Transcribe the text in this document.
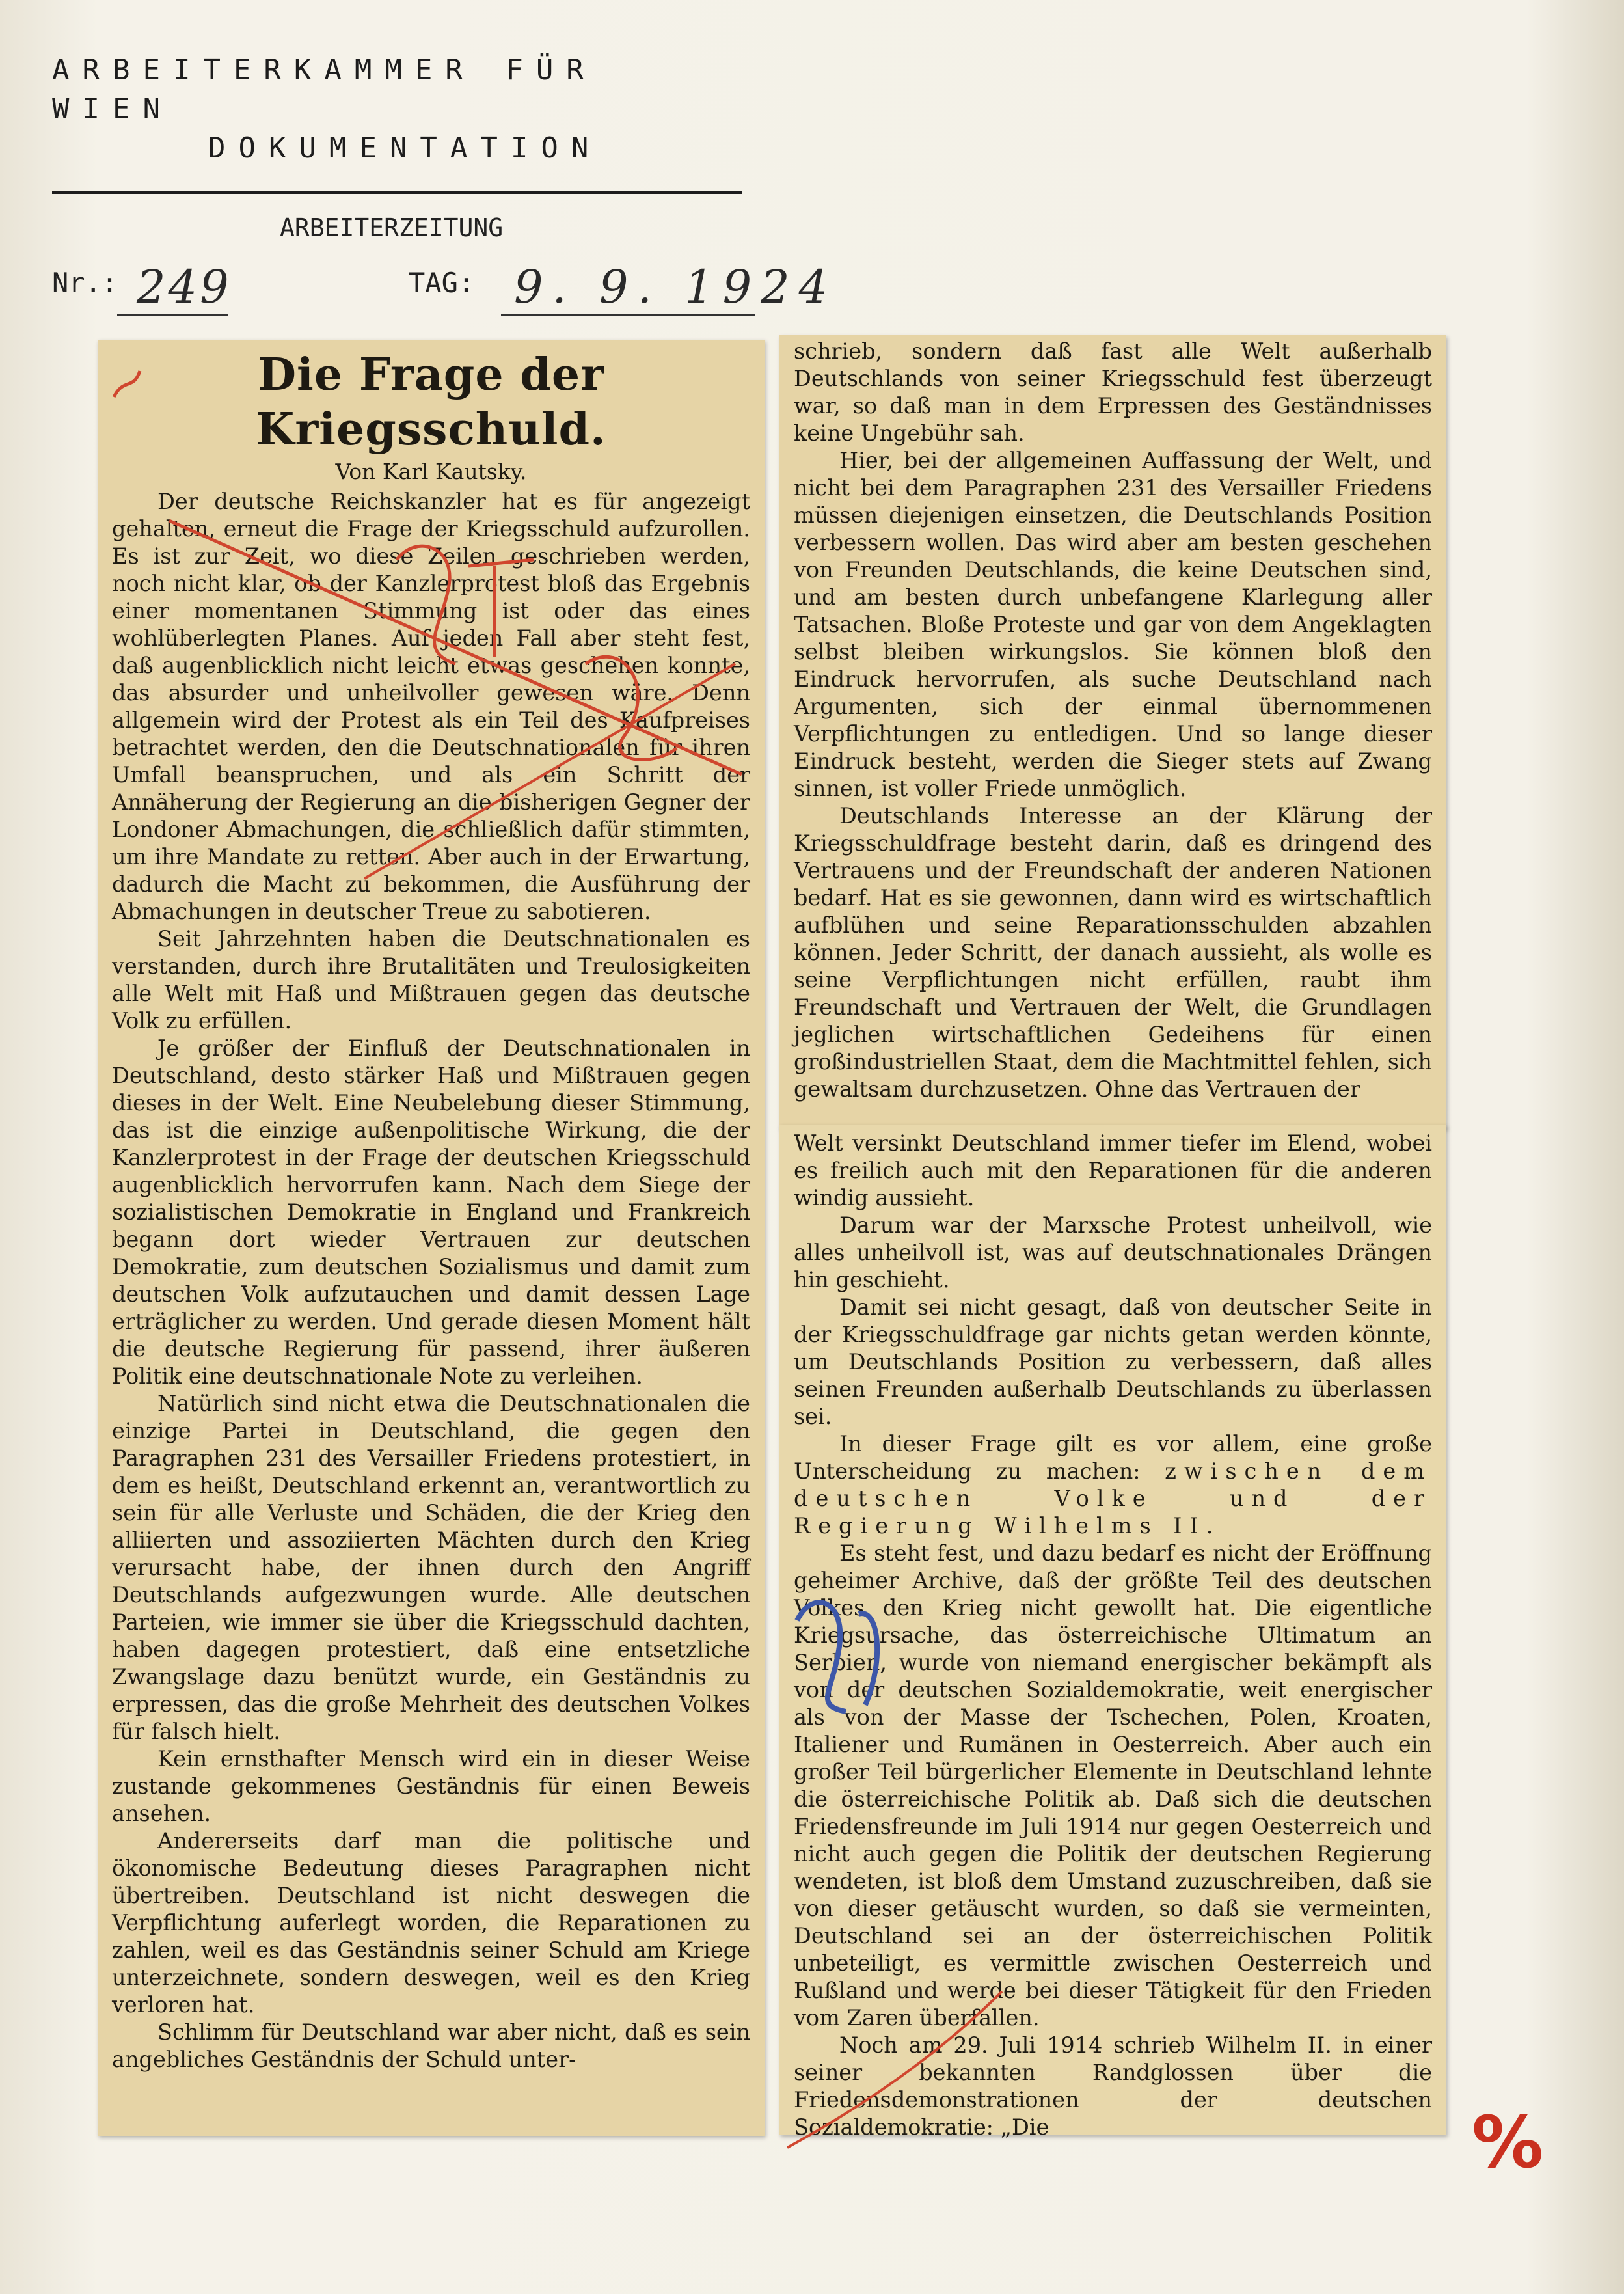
ARBEITERKAMMER FÜR WIEN
DOKUMENTATION
ARBEITERZEITUNG
Nr.: 249	TAG: 9. 9. 1924
Die Frage der Kriegsschuld.
Von Karl Kautsky.

Der deutsche Reichskanzler hat es für angezeigt gehalten, erneut die Frage der Kriegsschuld aufzurollen. Es ist zur Zeit, wo diese Zeilen geschrieben werden, noch nicht klar, ob der Kanzlerprotest bloß das Ergebnis einer momentanen Stimmung ist oder das eines wohlüberlegten Planes. Auf jeden Fall aber steht fest, daß augenblicklich nicht leicht etwas geschehen konnte, das absurder und unheilvoller gewesen wäre. Denn allgemein wird der Protest als ein Teil des Kaufpreises betrachtet werden, den die Deutschnationalen für ihren Umfall beanspruchen, und als ein Schritt der Annäherung der Regierung an die bisherigen Gegner der Londoner Abmachungen, die schließlich dafür stimmten, um ihre Mandate zu retten. Aber auch in der Erwartung, dadurch die Macht zu bekommen, die Ausführung der Abmachungen in deutscher Treue zu sabotieren.

Seit Jahrzehnten haben die Deutschnationalen es verstanden, durch ihre Brutalitäten und Treulosigkeiten alle Welt mit Haß und Mißtrauen gegen das deutsche Volk zu erfüllen.

Je größer der Einfluß der Deutschnationalen in Deutschland, desto stärker Haß und Mißtrauen gegen dieses in der Welt. Eine Neubelebung dieser Stimmung, das ist die einzige außenpolitische Wirkung, die der Kanzlerprotest in der Frage der deutschen Kriegsschuld augenblicklich hervorrufen kann. Nach dem Siege der sozialistischen Demokratie in England und Frankreich begann dort wieder Vertrauen zur deutschen Demokratie, zum deutschen Sozialismus und damit zum deutschen Volk aufzutauchen und damit dessen Lage erträglicher zu werden. Und gerade diesen Moment hält die deutsche Regierung für passend, ihrer äußeren Politik eine deutschnationale Note zu verleihen.

Natürlich sind nicht etwa die Deutschnationalen die einzige Partei in Deutschland, die gegen den Paragraphen 231 des Versailler Friedens protestiert, in dem es heißt, Deutschland erkennt an, verantwortlich zu sein für alle Verluste und Schäden, die der Krieg den alliierten und assoziierten Mächten durch den Krieg verursacht habe, der ihnen durch den Angriff Deutschlands aufgezwungen wurde. Alle deutschen Parteien, wie immer sie über die Kriegsschuld dachten, haben dagegen protestiert, daß eine entsetzliche Zwangslage dazu benützt wurde, ein Geständnis zu erpressen, das die große Mehrheit des deutschen Volkes für falsch hielt.

Kein ernsthafter Mensch wird ein in dieser Weise zustande gekommenes Geständnis für einen Beweis ansehen.

Andererseits darf man die politische und ökonomische Bedeutung dieses Paragraphen nicht übertreiben. Deutschland ist nicht deswegen die Verpflichtung auferlegt worden, die Reparationen zu zahlen, weil es das Geständnis seiner Schuld am Kriege unterzeichnete, sondern deswegen, weil es den Krieg verloren hat.

Schlimm für Deutschland war aber nicht, daß es sein angebliches Geständnis der Schuld unter-

schrieb, sondern daß fast alle Welt außerhalb Deutschlands von seiner Kriegsschuld fest überzeugt war, so daß man in dem Erpressen des Geständnisses keine Ungebühr sah.

Hier, bei der allgemeinen Auffassung der Welt, und nicht bei dem Paragraphen 231 des Versailler Friedens müssen diejenigen einsetzen, die Deutschlands Position verbessern wollen. Das wird aber am besten geschehen von Freunden Deutschlands, die keine Deutschen sind, und am besten durch unbefangene Klarlegung aller Tatsachen. Bloße Proteste und gar von dem Angeklagten selbst bleiben wirkungslos. Sie können bloß den Eindruck hervorrufen, als suche Deutschland nach Argumenten, sich der einmal übernommenen Verpflichtungen zu entledigen. Und so lange dieser Eindruck besteht, werden die Sieger stets auf Zwang sinnen, ist voller Friede unmöglich.

Deutschlands Interesse an der Klärung der Kriegsschuldfrage besteht darin, daß es dringend des Vertrauens und der Freundschaft der anderen Nationen bedarf. Hat es sie gewonnen, dann wird es wirtschaftlich aufblühen und seine Reparationsschulden abzahlen können. Jeder Schritt, der danach aussieht, als wolle es seine Verpflichtungen nicht erfüllen, raubt ihm Freundschaft und Vertrauen der Welt, die Grundlagen jeglichen wirtschaftlichen Gedeihens für einen großindustriellen Staat, dem die Machtmittel fehlen, sich gewaltsam durchzusetzen. Ohne das Vertrauen der

Welt versinkt Deutschland immer tiefer im Elend, wobei es freilich auch mit den Reparationen für die anderen windig aussieht.

Darum war der Marxsche Protest unheilvoll, wie alles unheilvoll ist, was auf deutschnationales Drängen hin geschieht.

Damit sei nicht gesagt, daß von deutscher Seite in der Kriegsschuldfrage gar nichts getan werden könnte, um Deutschlands Position zu verbessern, daß alles seinen Freunden außerhalb Deutschlands zu überlassen sei.

In dieser Frage gilt es vor allem, eine große Unterscheidung zu machen: zwischen dem deutschen Volke und der Regierung Wilhelms II.

Es steht fest, und dazu bedarf es nicht der Eröffnung geheimer Archive, daß der größte Teil des deutschen Volkes den Krieg nicht gewollt hat. Die eigentliche Kriegsursache, das österreichische Ultimatum an Serbien, wurde von niemand energischer bekämpft als von der deutschen Sozialdemokratie, weit energischer als von der Masse der Tschechen, Polen, Kroaten, Italiener und Rumänen in Oesterreich. Aber auch ein großer Teil bürgerlicher Elemente in Deutschland lehnte die österreichische Politik ab. Daß sich die deutschen Friedensfreunde im Juli 1914 nur gegen Oesterreich und nicht auch gegen die Politik der deutschen Regierung wendeten, ist bloß dem Umstand zuzuschreiben, daß sie von dieser getäuscht wurden, so daß sie vermeinten, Deutschland sei an der österreichischen Politik unbeteiligt, es vermittle zwischen Oesterreich und Rußland und werde bei dieser Tätigkeit für den Frieden vom Zaren überfallen.

Noch am 29. Juli 1914 schrieb Wilhelm II. in einer seiner bekannten Randglossen über die Friedensdemonstrationen der deutschen Sozialdemokratie: „Die	%
